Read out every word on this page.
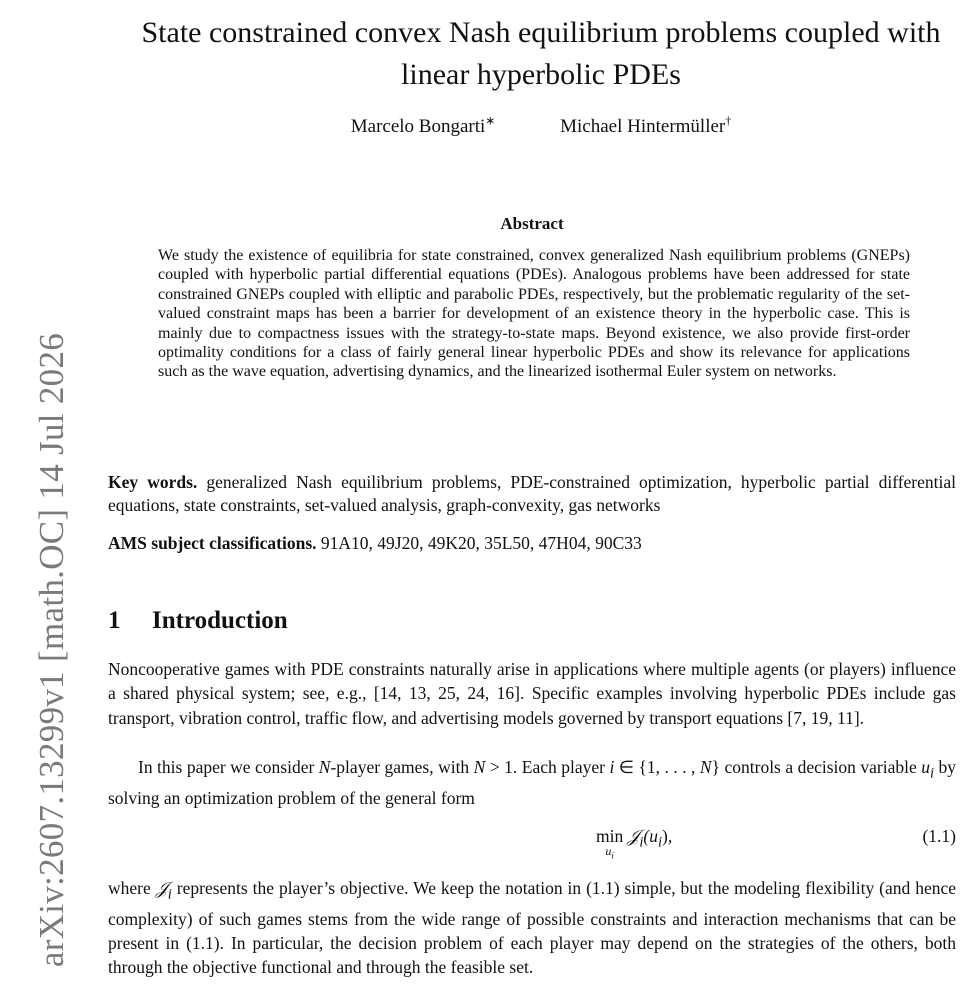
arXiv:2607.13299v1 [math.OC] 14 Jul 2026
State constrained convex Nash equilibrium problems coupled with
linear hyperbolic PDEs
Marcelo Bongarti∗	Michael Hintermüller†
Abstract

We study the existence of equilibria for state constrained, convex generalized Nash equilibrium problems (GNEPs) coupled with hyperbolic partial differential equations (PDEs). Analogous problems have been addressed for state constrained GNEPs coupled with elliptic and parabolic PDEs, respectively, but the problematic regularity of the set-valued constraint maps has been a barrier for development of an existence theory in the hyperbolic case. This is mainly due to compactness issues with the strategy-to-state maps. Beyond existence, we also provide first-order optimality conditions for a class of fairly general linear hyperbolic PDEs and show its relevance for applications such as the wave equation, advertising dynamics, and the linearized isothermal Euler system on networks.

Key words. generalized Nash equilibrium problems, PDE-constrained optimization, hyperbolic partial differential equations, state constraints, set-valued analysis, graph-convexity, gas networks

AMS subject classifications. 91A10, 49J20, 49K20, 35L50, 47H04, 90C33

1 Introduction

Noncooperative games with PDE constraints naturally arise in applications where multiple agents (or players) influence a shared physical system; see, e.g., [14, 13, 25, 24, 16]. Specific examples involving hyperbolic PDEs include gas transport, vibration control, traffic flow, and advertising models governed by transport equations [7, 19, 11].

In this paper we consider N-player games, with N > 1. Each player i ∈ {1, . . . , N} controls a decision variable $u_i$ by solving an optimization problem of the general form

min
$u_i$
$𝒥_i(u_i)$,	(1.1)

where 𝒥$_i$ represents the player’s objective. We keep the notation in (1.1) simple, but the modeling flexibility (and hence complexity) of such games stems from the wide range of possible constraints and interaction mechanisms that can be present in (1.1). In particular, the decision problem of each player may depend on the strategies of the others, both through the objective functional and through the feasible set.
